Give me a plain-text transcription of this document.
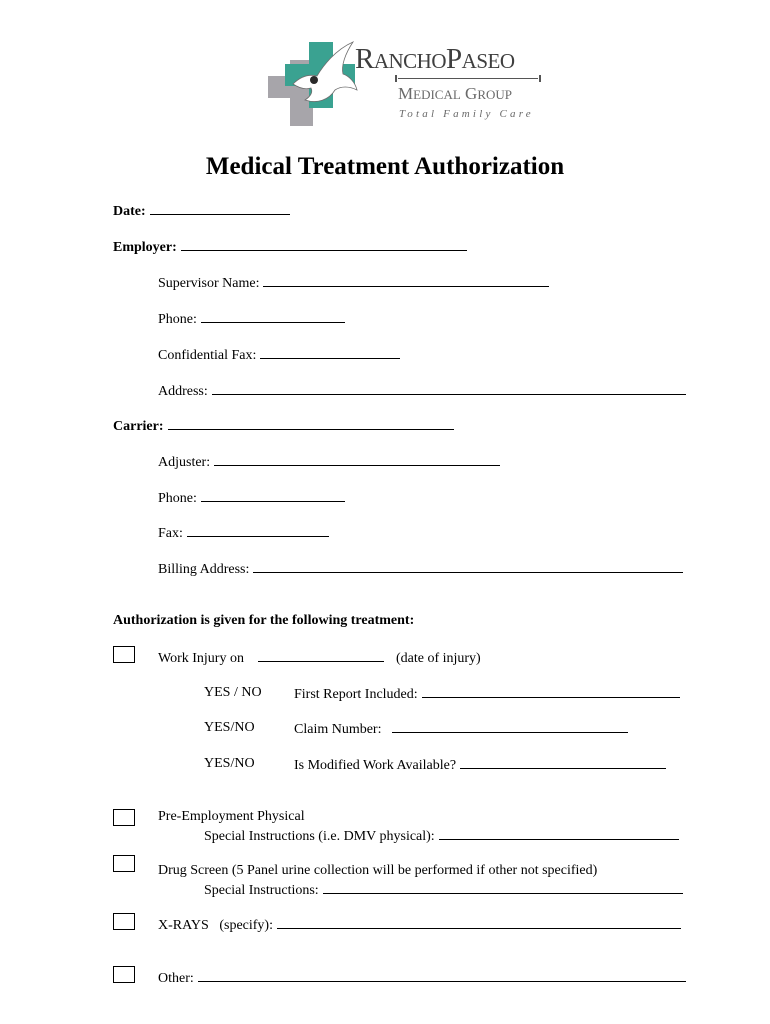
RANCHOPASEO
MEDICAL GROUP
Total Family Care
Medical Treatment Authorization
Date:
Employer:
Supervisor Name:
Phone:
Confidential Fax:
Address:
Carrier:
Adjuster:
Phone:
Fax:
Billing Address:
Authorization is given for the following treatment:
Work Injury on	(date of injury)
YES / NO First Report Included:
YES/NO	Claim Number:
YES/NO	Is Modified Work Available?
Pre-Employment Physical
Special Instructions (i.e. DMV physical):
Drug Screen (5 Panel urine collection will be performed if other not specified)
Special Instructions:
X-RAYS   (specify):
Other:
